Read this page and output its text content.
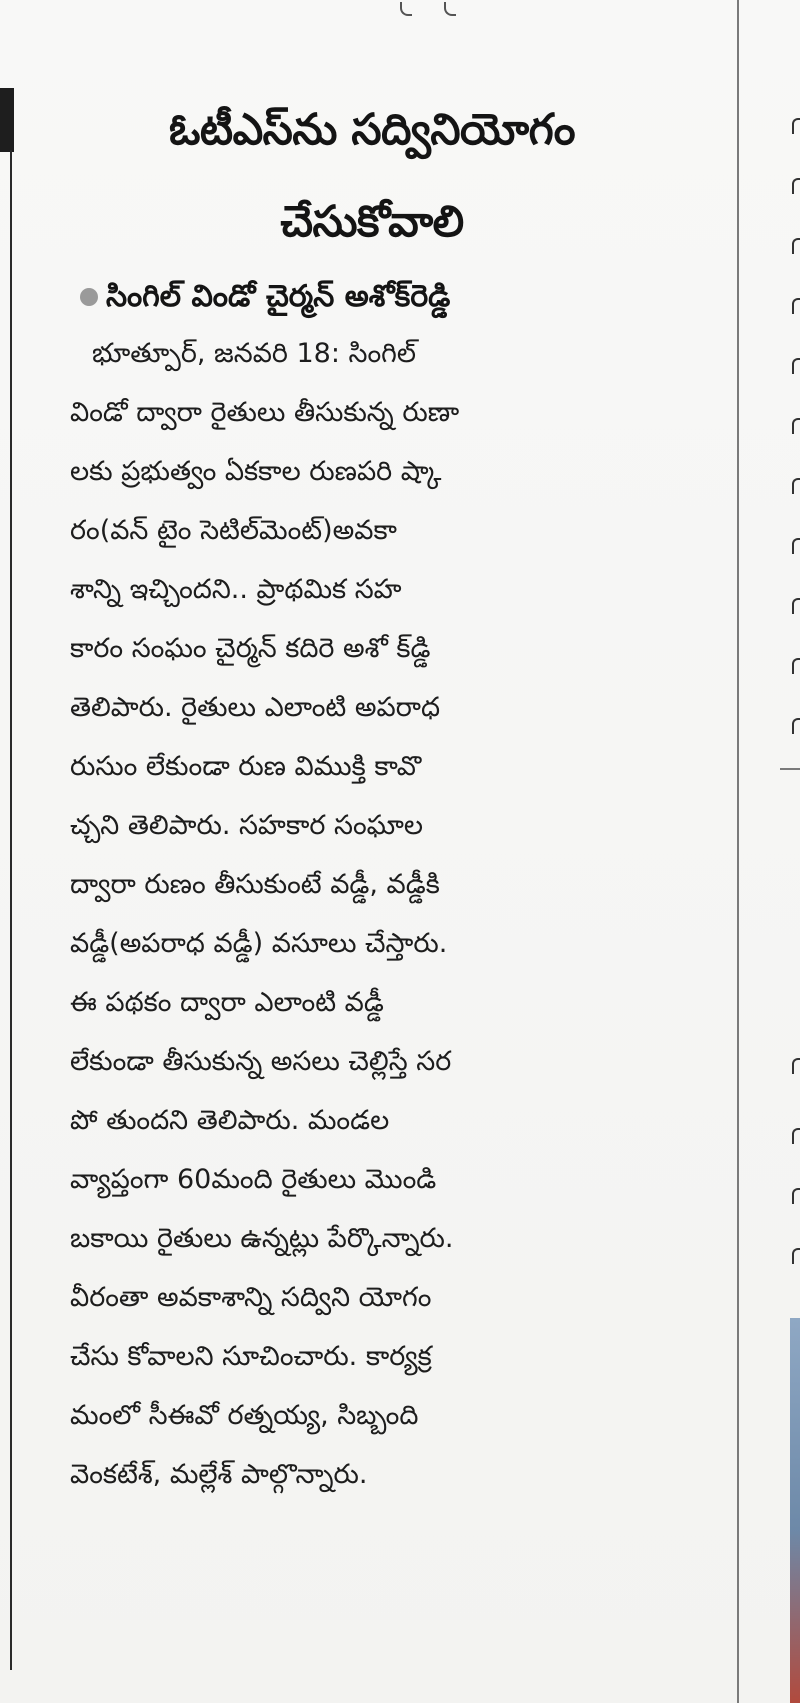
ఓటీఎస్‌ను సద్వినియోగం
చేసుకోవాలి
సింగిల్ విండో చైర్మన్ అశోక్‌రెడ్డి
భూత్పూర్, జనవరి 18: సింగిల్
విండో ద్వారా రైతులు తీసుకున్న రుణా
లకు ప్రభుత్వం ఏకకాల రుణపరి ష్కా
రం(వన్ టైం సెటిల్‌మెంట్)అవకా
శాన్ని ఇచ్చిందని.. ప్రాథమిక సహ
కారం సంఘం చైర్మన్ కదిరె అశో క్‌డ్డి
తెలిపారు. రైతులు ఎలాంటి అపరాధ
రుసుం లేకుండా రుణ విముక్తి కావొ
చ్చని తెలిపారు. సహకార సంఘాల
ద్వారా రుణం తీసుకుంటే వడ్డీ, వడ్డీకి
వడ్డీ(అపరాధ వడ్డీ) వసూలు చేస్తారు.
ఈ పథకం ద్వారా ఎలాంటి వడ్డీ
లేకుండా తీసుకున్న అసలు చెల్లిస్తే సర
పో తుందని తెలిపారు. మండల
వ్యాప్తంగా 60మంది రైతులు మొండి
బకాయి రైతులు ఉన్నట్లు పేర్కొన్నారు.
వీరంతా అవకాశాన్ని సద్విని యోగం
చేసు కోవాలని సూచించారు. కార్యక్ర
మంలో సీఈవో రత్నయ్య, సిబ్బంది
వెంకటేశ్, మల్లేశ్ పాల్గొన్నారు.
